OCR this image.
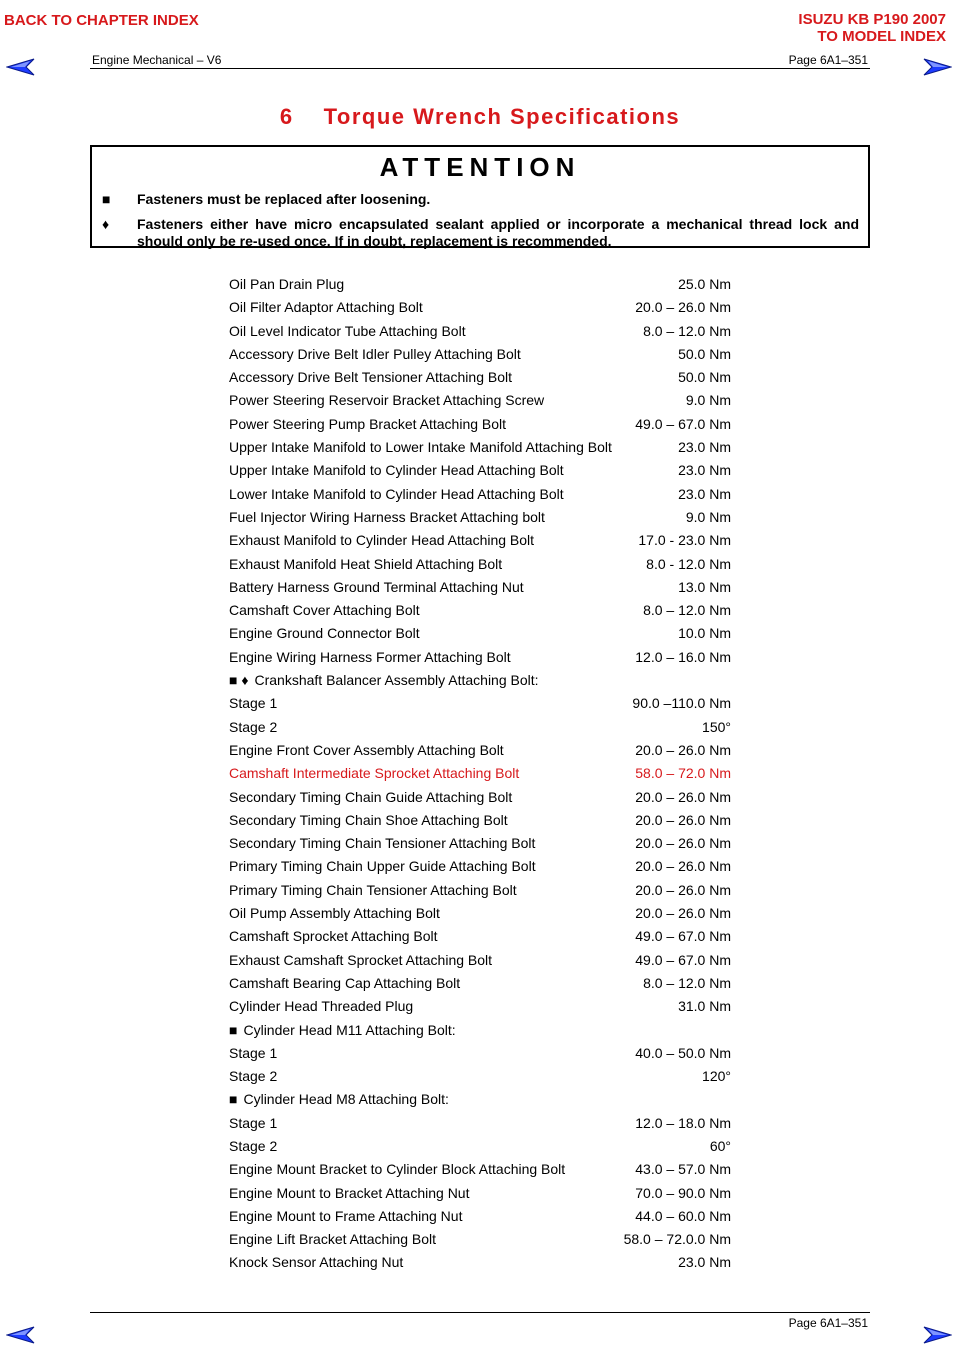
BACK TO CHAPTER INDEX	ISUZU KB P190 2007
TO MODEL INDEX
Engine Mechanical – V6	Page 6A1–351
6 Torque Wrench Specifications
ATTENTION
■	Fasteners must be replaced after loosening.
♦	Fasteners either have micro encapsulated sealant applied or incorporate a mechanical thread lock and should only be re-used once. If in doubt, replacement is recommended.
Oil Pan Drain Plug	25.0 Nm
Oil Filter Adaptor Attaching Bolt	20.0 – 26.0 Nm
Oil Level Indicator Tube Attaching Bolt	8.0 – 12.0 Nm
Accessory Drive Belt Idler Pulley Attaching Bolt	50.0 Nm
Accessory Drive Belt Tensioner Attaching Bolt	50.0 Nm
Power Steering Reservoir Bracket Attaching Screw	9.0 Nm
Power Steering Pump Bracket Attaching Bolt	49.0 – 67.0 Nm
Upper Intake Manifold to Lower Intake Manifold Attaching Bolt	23.0 Nm
Upper Intake Manifold to Cylinder Head Attaching Bolt	23.0 Nm
Lower Intake Manifold to Cylinder Head Attaching Bolt	23.0 Nm
Fuel Injector Wiring Harness Bracket Attaching bolt	9.0 Nm
Exhaust Manifold to Cylinder Head Attaching Bolt	17.0 - 23.0 Nm
Exhaust Manifold Heat Shield Attaching Bolt	8.0 - 12.0 Nm
Battery Harness Ground Terminal Attaching Nut	13.0 Nm
Camshaft Cover Attaching Bolt	8.0 – 12.0 Nm
Engine Ground Connector Bolt	10.0 Nm
Engine Wiring Harness Former Attaching Bolt	12.0 – 16.0 Nm
■ ♦ Crankshaft Balancer Assembly Attaching Bolt:
Stage 1	90.0 –110.0 Nm
Stage 2	150°
Engine Front Cover Assembly Attaching Bolt	20.0 – 26.0 Nm
Camshaft Intermediate Sprocket Attaching Bolt	58.0 – 72.0 Nm
Secondary Timing Chain Guide Attaching Bolt	20.0 – 26.0 Nm
Secondary Timing Chain Shoe Attaching Bolt	20.0 – 26.0 Nm
Secondary Timing Chain Tensioner Attaching Bolt	20.0 – 26.0 Nm
Primary Timing Chain Upper Guide Attaching Bolt	20.0 – 26.0 Nm
Primary Timing Chain Tensioner Attaching Bolt	20.0 – 26.0 Nm
Oil Pump Assembly Attaching Bolt	20.0 – 26.0 Nm
Camshaft Sprocket Attaching Bolt	49.0 – 67.0 Nm
Exhaust Camshaft Sprocket Attaching Bolt	49.0 – 67.0 Nm
Camshaft Bearing Cap Attaching Bolt	8.0 – 12.0 Nm
Cylinder Head Threaded Plug	31.0 Nm
■ Cylinder Head M11 Attaching Bolt:
Stage 1	40.0 – 50.0 Nm
Stage 2	120°
■ Cylinder Head M8 Attaching Bolt:
Stage 1	12.0 – 18.0 Nm
Stage 2	60°
Engine Mount Bracket to Cylinder Block Attaching Bolt	43.0 – 57.0 Nm
Engine Mount to Bracket Attaching Nut	70.0 – 90.0 Nm
Engine Mount to Frame Attaching Nut	44.0 – 60.0 Nm
Engine Lift Bracket Attaching Bolt	58.0 – 72.0.0 Nm
Knock Sensor Attaching Nut	23.0 Nm
Page 6A1–351
